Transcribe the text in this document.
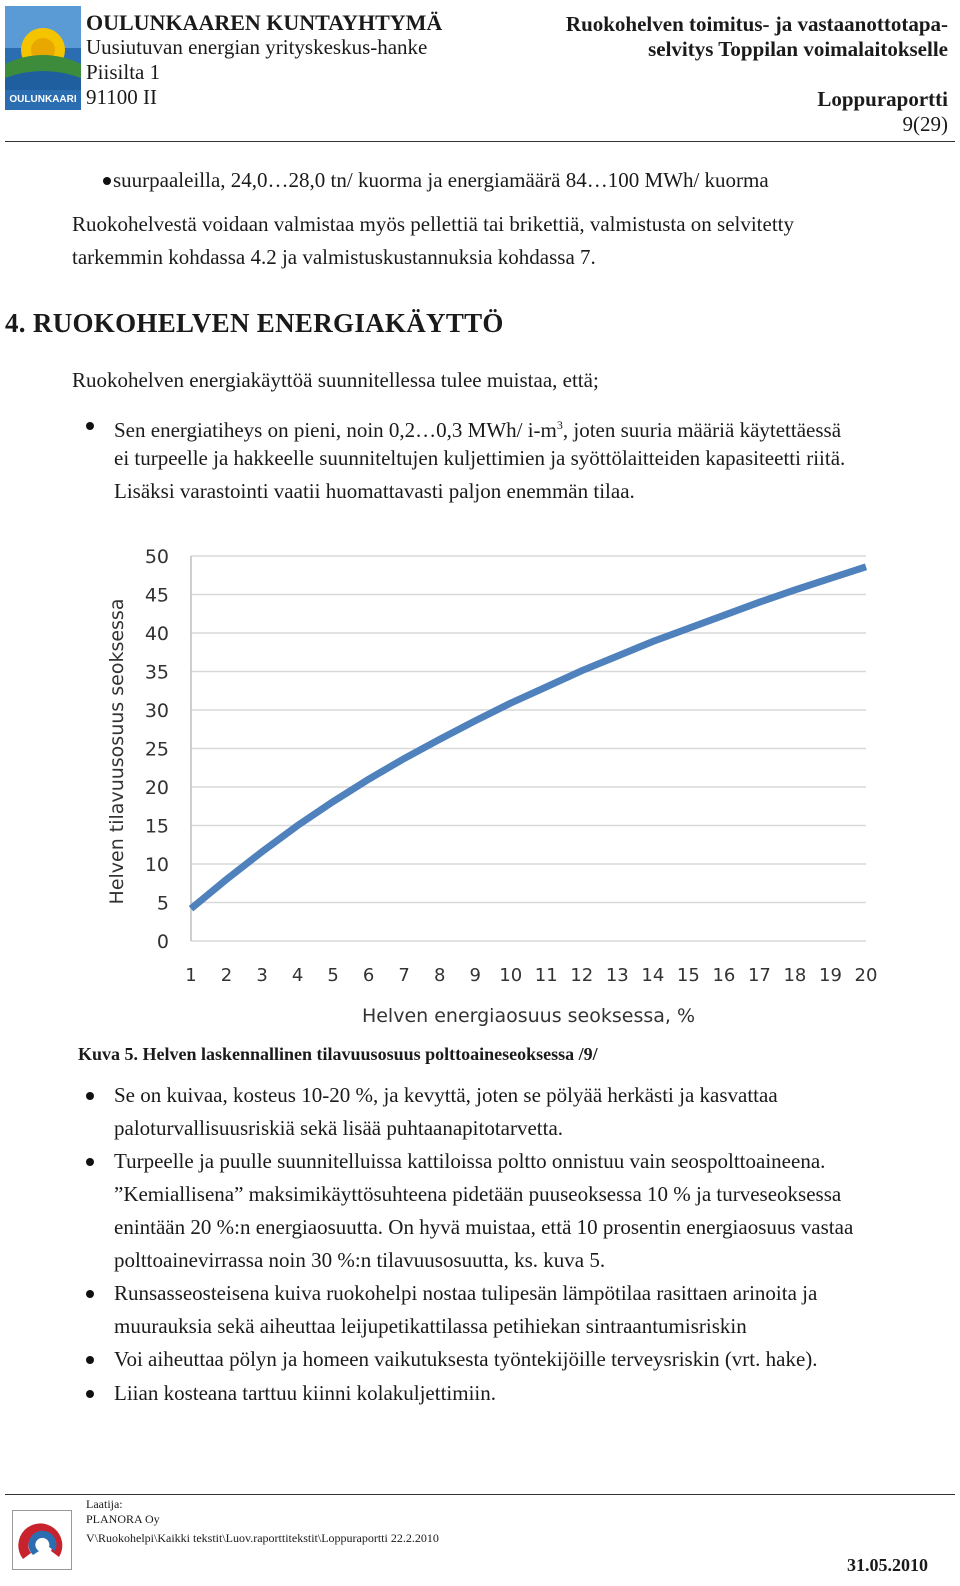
OULUNKAARI
OULUNKAAREN KUNTAYHTYMÄ
Uusiutuvan energian yrityskeskus-hanke
Piisilta 1
91100 II
Ruokohelven toimitus- ja vastaanottotapa-
selvitys Toppilan voimalaitokselle
Loppuraportti
9(29)
suurpaaleilla, 24,0…28,0 tn/ kuorma ja energiamäärä 84…100 MWh/ kuorma
Ruokohelvestä voidaan valmistaa myös pellettiä tai brikettiä, valmistusta on selvitetty
tarkemmin kohdassa 4.2 ja valmistuskustannuksia kohdassa 7.
4. RUOKOHELVEN ENERGIAKÄYTTÖ
Ruokohelven energiakäyttöä suunnitellessa tulee muistaa, että;
Sen energiatiheys on pieni, noin 0,2…0,3 MWh/ $i-m^3$, joten suuria määriä käytettäessä
ei turpeelle ja hakkeelle suunniteltujen kuljettimien ja syöttölaitteiden kapasiteetti riitä.
Lisäksi varastointi vaatii huomattavasti paljon enemmän tilaa.
0
5
10
15
20
25
30
35
40
45
50
1 2 3 4 5 6 7 8 9 10 11 12 13 14 15 16 17 18 19 20
Helven tilavuusosuus seoksessa
Helven energiaosuus seoksessa, %
Kuva 5. Helven laskennallinen tilavuusosuus polttoaineseoksessa /9/
Se on kuivaa, kosteus 10-20 %, ja kevyttä, joten se pölyää herkästi ja kasvattaa
paloturvallisuusriskiä sekä lisää puhtaanapitotarvetta.
Turpeelle ja puulle suunnitelluissa kattiloissa poltto onnistuu vain seospolttoaineena.
”Kemiallisena” maksimikäyttösuhteena pidetään puuseoksessa 10 % ja turveseoksessa
enintään 20 %:n energiaosuutta. On hyvä muistaa, että 10 prosentin energiaosuus vastaa
polttoainevirrassa noin 30 %:n tilavuusosuutta, ks. kuva 5.
Runsasseosteisena kuiva ruokohelpi nostaa tulipesän lämpötilaa rasittaen arinoita ja
muurauksia sekä aiheuttaa leijupetikattilassa petihiekan sintraantumisriskin
Voi aiheuttaa pölyn ja homeen vaikutuksesta työntekijöille terveysriskin (vrt. hake).
Liian kosteana tarttuu kiinni kolakuljettimiin.
Laatija:
PLANORA Oy
V\Ruokohelpi\Kaikki tekstit\Luov.raporttitekstit\Loppuraportti 22.2.2010
31.05.2010
